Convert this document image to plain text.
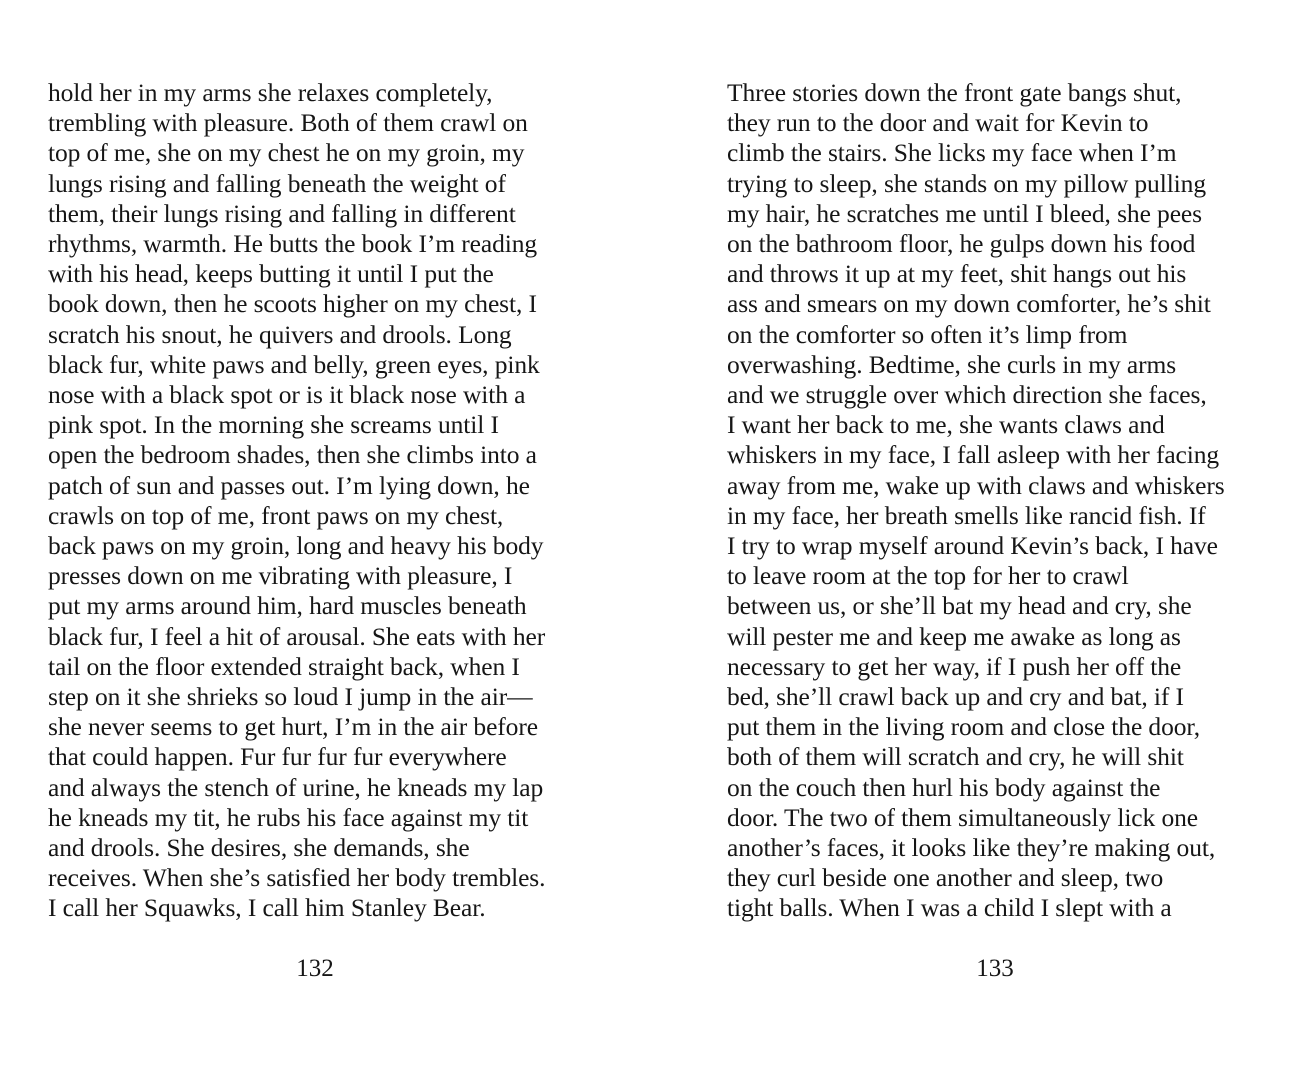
hold her in my arms she relaxes completely,
trembling with pleasure. Both of them crawl on
top of me, she on my chest he on my groin, my
lungs rising and falling beneath the weight of
them, their lungs rising and falling in different
rhythms, warmth. He butts the book I’m reading
with his head, keeps butting it until I put the
book down, then he scoots higher on my chest, I
scratch his snout, he quivers and drools. Long
black fur, white paws and belly, green eyes, pink
nose with a black spot or is it black nose with a
pink spot. In the morning she screams until I
open the bedroom shades, then she climbs into a
patch of sun and passes out. I’m lying down, he
crawls on top of me, front paws on my chest,
back paws on my groin, long and heavy his body
presses down on me vibrating with pleasure, I
put my arms around him, hard muscles beneath
black fur, I feel a hit of arousal. She eats with her
tail on the floor extended straight back, when I
step on it she shrieks so loud I jump in the air—
she never seems to get hurt, I’m in the air before
that could happen. Fur fur fur fur everywhere
and always the stench of urine, he kneads my lap
he kneads my tit, he rubs his face against my tit
and drools. She desires, she demands, she
receives. When she’s satisfied her body trembles.
I call her Squawks, I call him Stanley Bear.
132
Three stories down the front gate bangs shut,
they run to the door and wait for Kevin to
climb the stairs. She licks my face when I’m
trying to sleep, she stands on my pillow pulling
my hair, he scratches me until I bleed, she pees
on the bathroom floor, he gulps down his food
and throws it up at my feet, shit hangs out his
ass and smears on my down comforter, he’s shit
on the comforter so often it’s limp from
overwashing. Bedtime, she curls in my arms
and we struggle over which direction she faces,
I want her back to me, she wants claws and
whiskers in my face, I fall asleep with her facing
away from me, wake up with claws and whiskers
in my face, her breath smells like rancid fish. If
I try to wrap myself around Kevin’s back, I have
to leave room at the top for her to crawl
between us, or she’ll bat my head and cry, she
will pester me and keep me awake as long as
necessary to get her way, if I push her off the
bed, she’ll crawl back up and cry and bat, if I
put them in the living room and close the door,
both of them will scratch and cry, he will shit
on the couch then hurl his body against the
door. The two of them simultaneously lick one
another’s faces, it looks like they’re making out,
they curl beside one another and sleep, two
tight balls. When I was a child I slept with a
133
